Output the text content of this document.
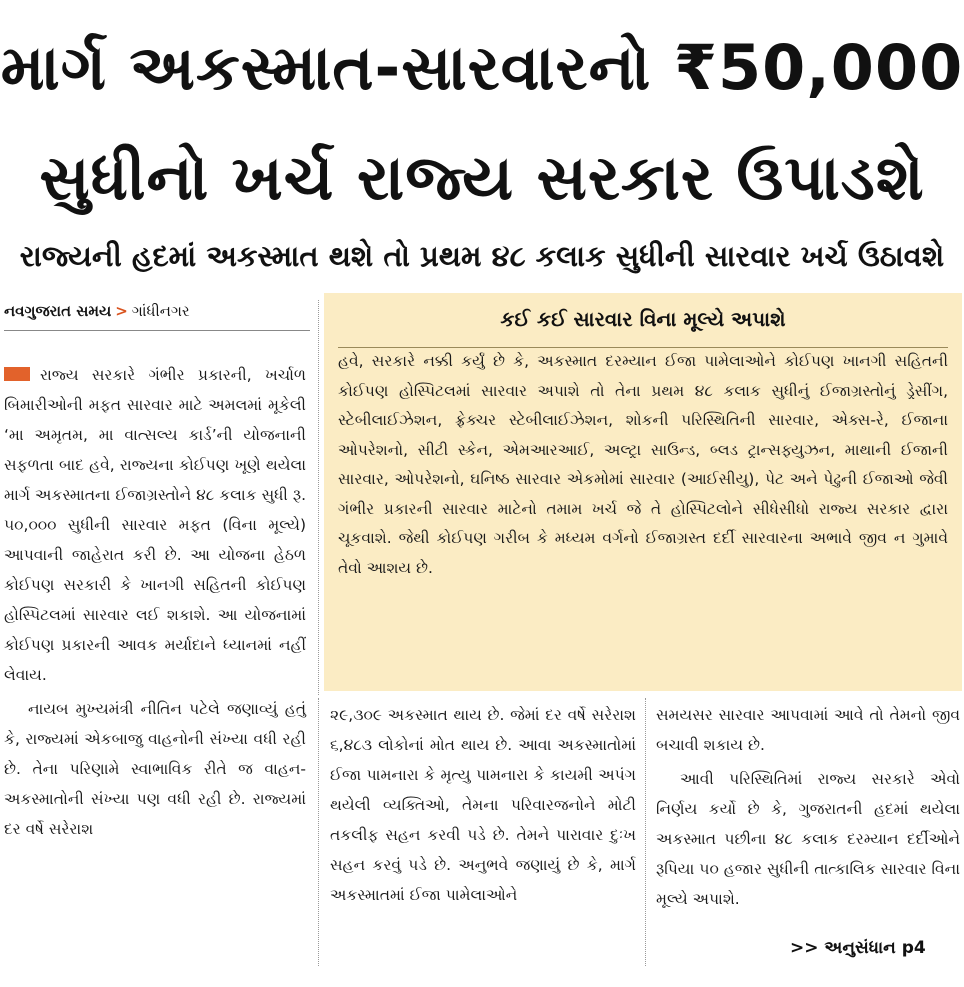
માર્ગ અકસ્માત-સારવારનો ₹50,000
સુધીનો ખર્ચ રાજ્ય સરકાર ઉપાડશે
રાજ્યની હદમાં અકસ્માત થશે તો પ્રથમ ૪૮ કલાક સુધીની સારવાર ખર્ચ ઉઠાવશે
નવગુજરાત સમય > ગાંધીનગર

રાજ્ય સરકારે ગંભીર પ્રકારની, ખર્ચાળ બિમારીઓની મફત સારવાર માટે અમલમાં મૂકેલી ‘મા અમૃતમ, મા વાત્સલ્ય કાર્ડ’ની યોજનાની સફળતા બાદ હવે, રાજ્યના કોઈપણ ખૂણે થયેલા માર્ગ અકસ્માતના ઈજાગ્રસ્તોને ૪૮ કલાક સુધી રૂ. ૫૦,૦૦૦ સુધીની સારવાર મફત (વિના મૂલ્યે) આપવાની જાહેરાત કરી છે. આ યોજના હેઠળ કોઈપણ સરકારી કે ખાનગી સહિતની કોઈપણ હોસ્પિટલમાં સારવાર લઈ શકાશે. આ યોજનામાં કોઈપણ પ્રકારની આવક મર્યાદાને ધ્યાનમાં નહીં લેવાય.

નાયબ મુખ્યમંત્રી નીતિન પટેલે જણાવ્યું હતું કે, રાજ્યમાં એકબાજુ વાહનોની સંખ્યા વધી રહી છે. તેના પરિણામે સ્વાભાવિક રીતે જ વાહન-અકસ્માતોની સંખ્યા પણ વધી રહી છે. રાજ્યમાં દર વર્ષે સરેરાશ

કઈ કઈ સારવાર વિના મૂલ્યે અપાશે
હવે, સરકારે નક્કી કર્યું છે કે, અકસ્માત દરમ્યાન ઈજા પામેલાઓને કોઈપણ ખાનગી સહિતની કોઈપણ હોસ્પિટલમાં સારવાર અપાશે તો તેના પ્રથમ ૪૮ કલાક સુધીનું ઈજાગ્રસ્તોનું ડ્રેસીંગ, સ્ટેબીલાઈઝેશન, ફ્રેક્ચર સ્ટેબીલાઈઝેશન, શોકની પરિસ્થિતિની સારવાર, એક્સ-રે, ઈજાના ઓપરેશનો, સીટી સ્કેન, એમઆરઆઈ, અલ્ટ્રા સાઉન્ડ, બ્લડ ટ્રાન્સફ્યુઝન, માથાની ઈજાની સારવાર, ઓપરેશનો, ઘનિષ્ઠ સારવાર એકમોમાં સારવાર (આઈસીયુ), પેટ અને પેઢુની ઈજાઓ જેવી ગંભીર પ્રકારની સારવાર માટેનો તમામ ખર્ચ જે તે હોસ્પિટલોને સીધેસીધો રાજ્ય સરકાર દ્વારા ચૂકવાશે. જેથી કોઈપણ ગરીબ કે મધ્યમ વર્ગનો ઈજાગ્રસ્ત દર્દી સારવારના અભાવે જીવ ન ગુમાવે તેવો આશય છે.

૨૯,૩૦૯ અકસ્માત થાય છે. જેમાં દર વર્ષે સરેરાશ ૬,૪૮૩ લોકોનાં મોત થાય છે. આવા અકસ્માતોમાં ઈજા પામનારા કે મૃત્યુ પામનારા કે કાયમી અપંગ થયેલી વ્યક્તિઓ, તેમના પરિવારજનોને મોટી તકલીફ સહન કરવી પડે છે. તેમને પારાવાર દુઃખ સહન કરવું પડે છે. અનુભવે જણાયું છે કે, માર્ગ અકસ્માતમાં ઈજા પામેલાઓને

સમયસર સારવાર આપવામાં આવે તો તેમનો જીવ બચાવી શકાય છે.

આવી પરિસ્થિતિમાં રાજ્ય સરકારે એવો નિર્ણય કર્યો છે કે, ગુજરાતની હદમાં થયેલા અકસ્માત પછીના ૪૮ કલાક દરમ્યાન દર્દીઓને રૂપિયા ૫૦ હજાર સુધીની તાત્કાલિક સારવાર વિના મૂલ્યે અપાશે.

>> અનુસંધાન p4
